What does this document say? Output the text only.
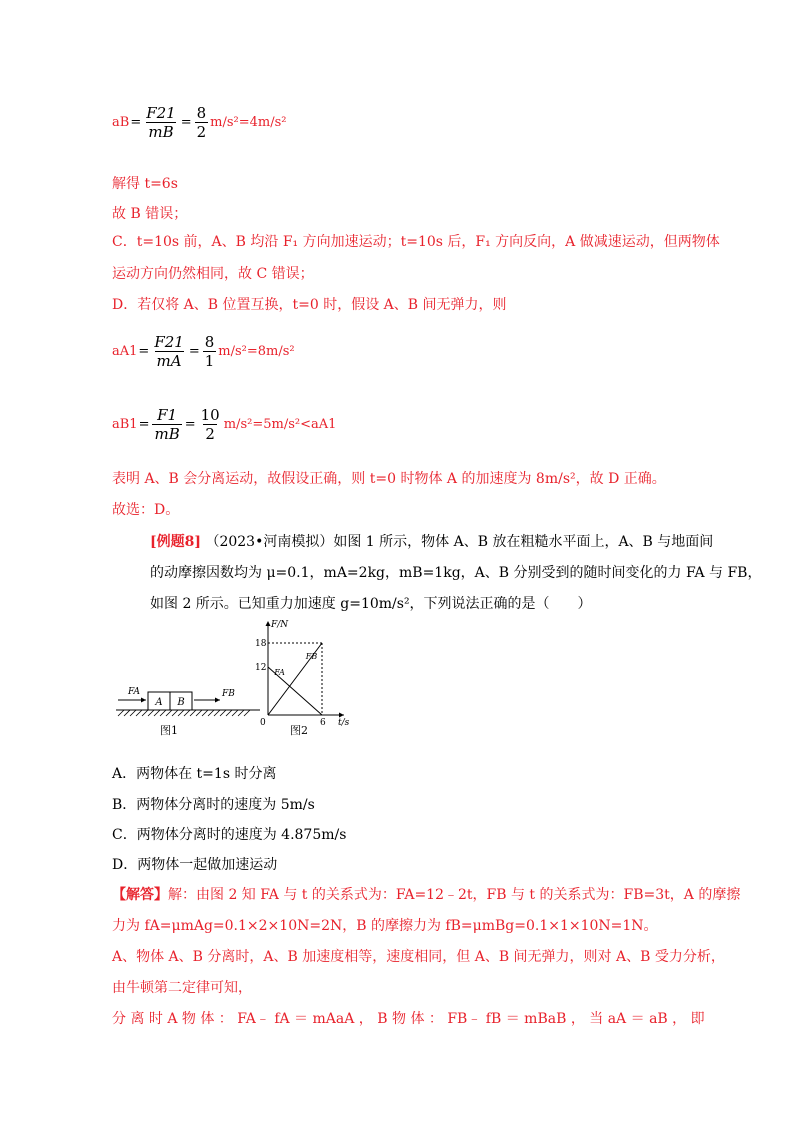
aB = $\frac{F21}{mB} = \frac{8}{2} m/s^2=4m/s^2$
解得 t=6s
故 B 错误；
C．t=10s 前，A、B 均沿 F₁ 方向加速运动；t=10s 后，F₁ 方向反向，A 做减速运动，但两物体
运动方向仍然相同，故 C 错误；
D．若仅将 A、B 位置互换，t=0 时，假设 A、B 间无弹力，则
$aA1 = \frac{F21}{mA} = \frac{8}{1} m/s^2=8m/s^2$
$aB1 = \frac{F1}{mB} = \frac{10}{2} m/s^2=5m/s^2<aA1$
表明 A、B 会分离运动，故假设正确，则 t=0 时物体 A 的加速度为 8m/s²，故 D 正确。
故选：D。
[例题8] （2023•河南模拟）如图 1 所示，物体 A、B 放在粗糙水平面上，A、B 与地面间
的动摩擦因数均为 μ=0.1，mA=2kg，mB=1kg，A、B 分别受到的随时间变化的力 FA 与 FB，
如图 2 所示。已知重力加速度 g=10m/s²，下列说法正确的是（　　）
A B
FA	FB
图1
t/s
F/N
0	6
12
18
FA
FB
图2
A．两物体在 t=1s 时分离
B．两物体分离时的速度为 5m/s
C．两物体分离时的速度为 4.875m/s
D．两物体一起做加速运动
【解答】解：由图 2 知 FA 与 t 的关系式为：FA=12﹣2t，FB 与 t 的关系式为：FB=3t，A 的摩擦
力为 fA=μmAg=0.1×2×10N=2N，B 的摩擦力为 fB=μmBg=0.1×1×10N=1N。
A、物体 A、B 分离时，A、B 加速度相等，速度相同，但 A、B 间无弹力，则对 A、B 受力分析，
由牛顿第二定律可知，
分 离 时 A 物 体 ： FA﹣ fA ＝ mAaA ， B 物 体 ： FB﹣ fB ＝ mBaB ， 当 aA ＝ aB ， 即
